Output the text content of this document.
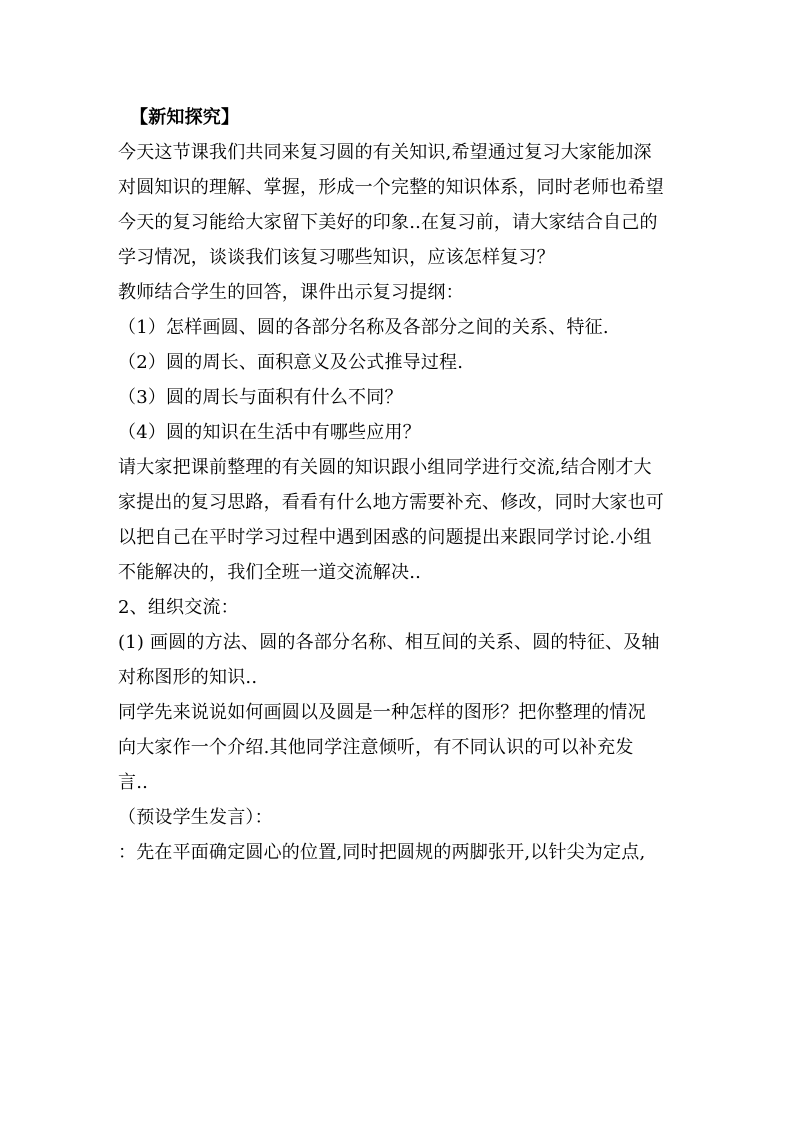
【新知探究】
今天这节课我们共同来复习圆的有关知识,希望通过复习大家能加深
对圆知识的理解、掌握，形成一个完整的知识体系，同时老师也希望
今天的复习能给大家留下美好的印象..在复习前，请大家结合自己的
学习情况，谈谈我们该复习哪些知识，应该怎样复习？
教师结合学生的回答，课件出示复习提纲：
（1）怎样画圆、圆的各部分名称及各部分之间的关系、特征.
（2）圆的周长、面积意义及公式推导过程.
（3）圆的周长与面积有什么不同？
（4）圆的知识在生活中有哪些应用？
请大家把课前整理的有关圆的知识跟小组同学进行交流,结合刚才大
家提出的复习思路，看看有什么地方需要补充、修改，同时大家也可
以把自己在平时学习过程中遇到困惑的问题提出来跟同学讨论.小组
不能解决的，我们全班一道交流解决..
2、组织交流：
(1) 画圆的方法、圆的各部分名称、相互间的关系、圆的特征、及轴
对称图形的知识..
同学先来说说如何画圆以及圆是一种怎样的图形？把你整理的情况
向大家作一个介绍.其他同学注意倾听，有不同认识的可以补充发
言..
（预设学生发言）：
：先在平面确定圆心的位置,同时把圆规的两脚张开,以针尖为定点,
